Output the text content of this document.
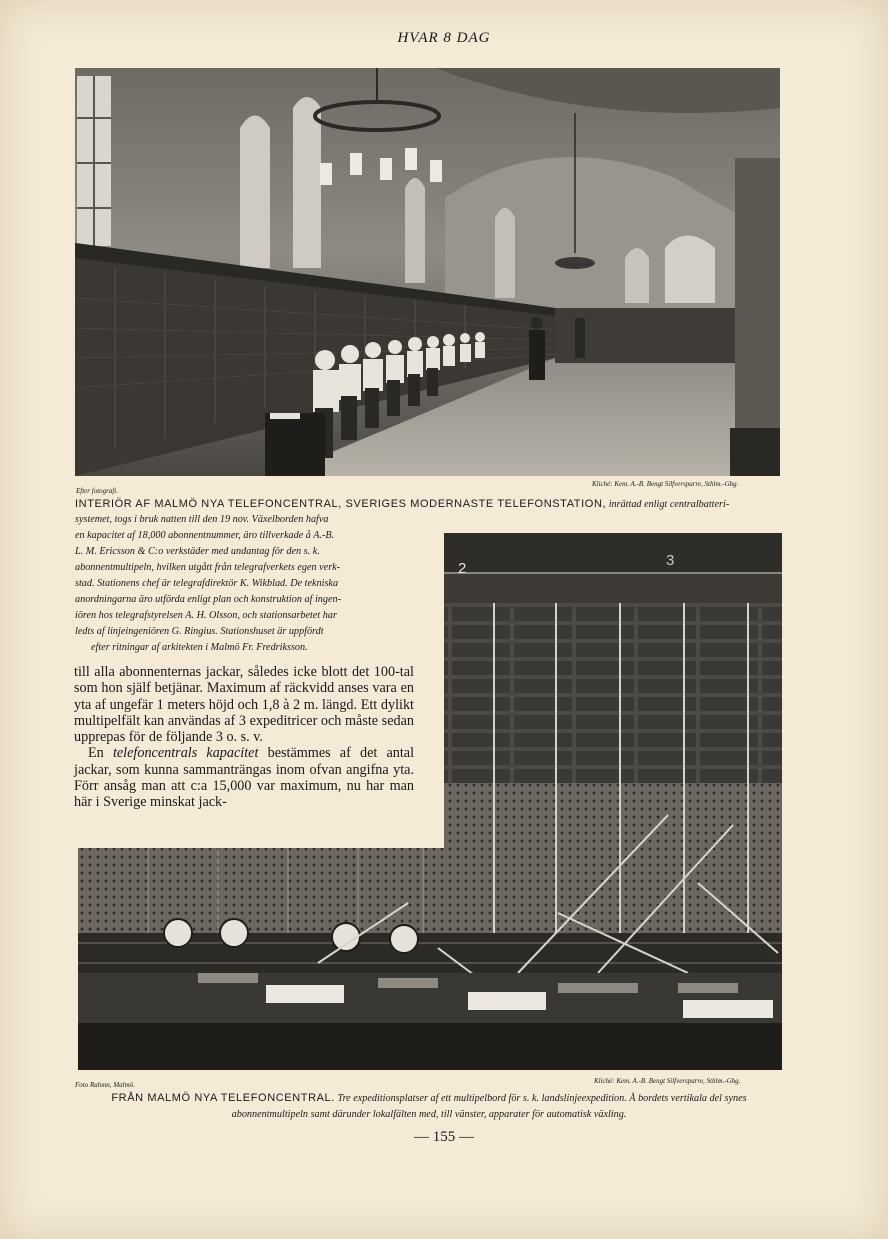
HVAR 8 DAG
Efter fotografi.
Kliché: Kem. A.-B. Bengt Silfversparre, Sthlm.-Gbg.
INTERIÖR AF MALMÖ NYA TELEFONCENTRAL, SVERIGES MODERNASTE TELEFONSTATION, inrättad enligt centralbatteri-
systemet, togs i bruk natten till den 19 nov. Växelborden hafva
en kapacitet af 18,000 abonnentnummer, äro tillverkade å A.-B.
L. M. Ericsson & C:o verkstäder med undantag för den s. k.
abonnentmultipeln, hvilken utgått från telegrafverkets egen verk-
stad. Stationens chef är telegrafdirektör K. Wikblad. De tekniska
anordningarna äro utförda enligt plan och konstruktion af ingen-
iören hos telegrafstyrelsen A. H. Olsson, och stationsarbetet har
ledts af linjeingeniören G. Ringius. Stationshuset är uppfördt
efter ritningar af arkitekten i Malmö Fr. Fredriksson.

till alla abonnenternas jackar, således icke blott det 100-tal som hon själf betjänar. Maximum af räckvidd anses vara en yta af ungefär 1 meters höjd och 1,8 à 2 m. längd. Ett dylikt multipelfält kan användas af 3 expeditricer och måste sedan upprepas för de följande 3 o. s. v.

En telefoncentrals kapacitet bestämmes af det antal jackar, som kunna sammanträngas inom ofvan angifna yta. Förr ansåg man att c:a 15,000 var maximum, nu har man här i Sverige minskat jack-

2	3
Foto Rahmn, Malmö.	Kliché: Kem. A.-B. Bengt Silfversparre, Sthlm.-Gbg.
FRÅN MALMÖ NYA TELEFONCENTRAL. Tre expeditionsplatser af ett multipelbord för s. k. landslinjeexpedition. Å bordets vertikala del synes abonnentmultipeln samt därunder lokalfälten med, till vänster, apparater för automatisk växling.
— 155 —
